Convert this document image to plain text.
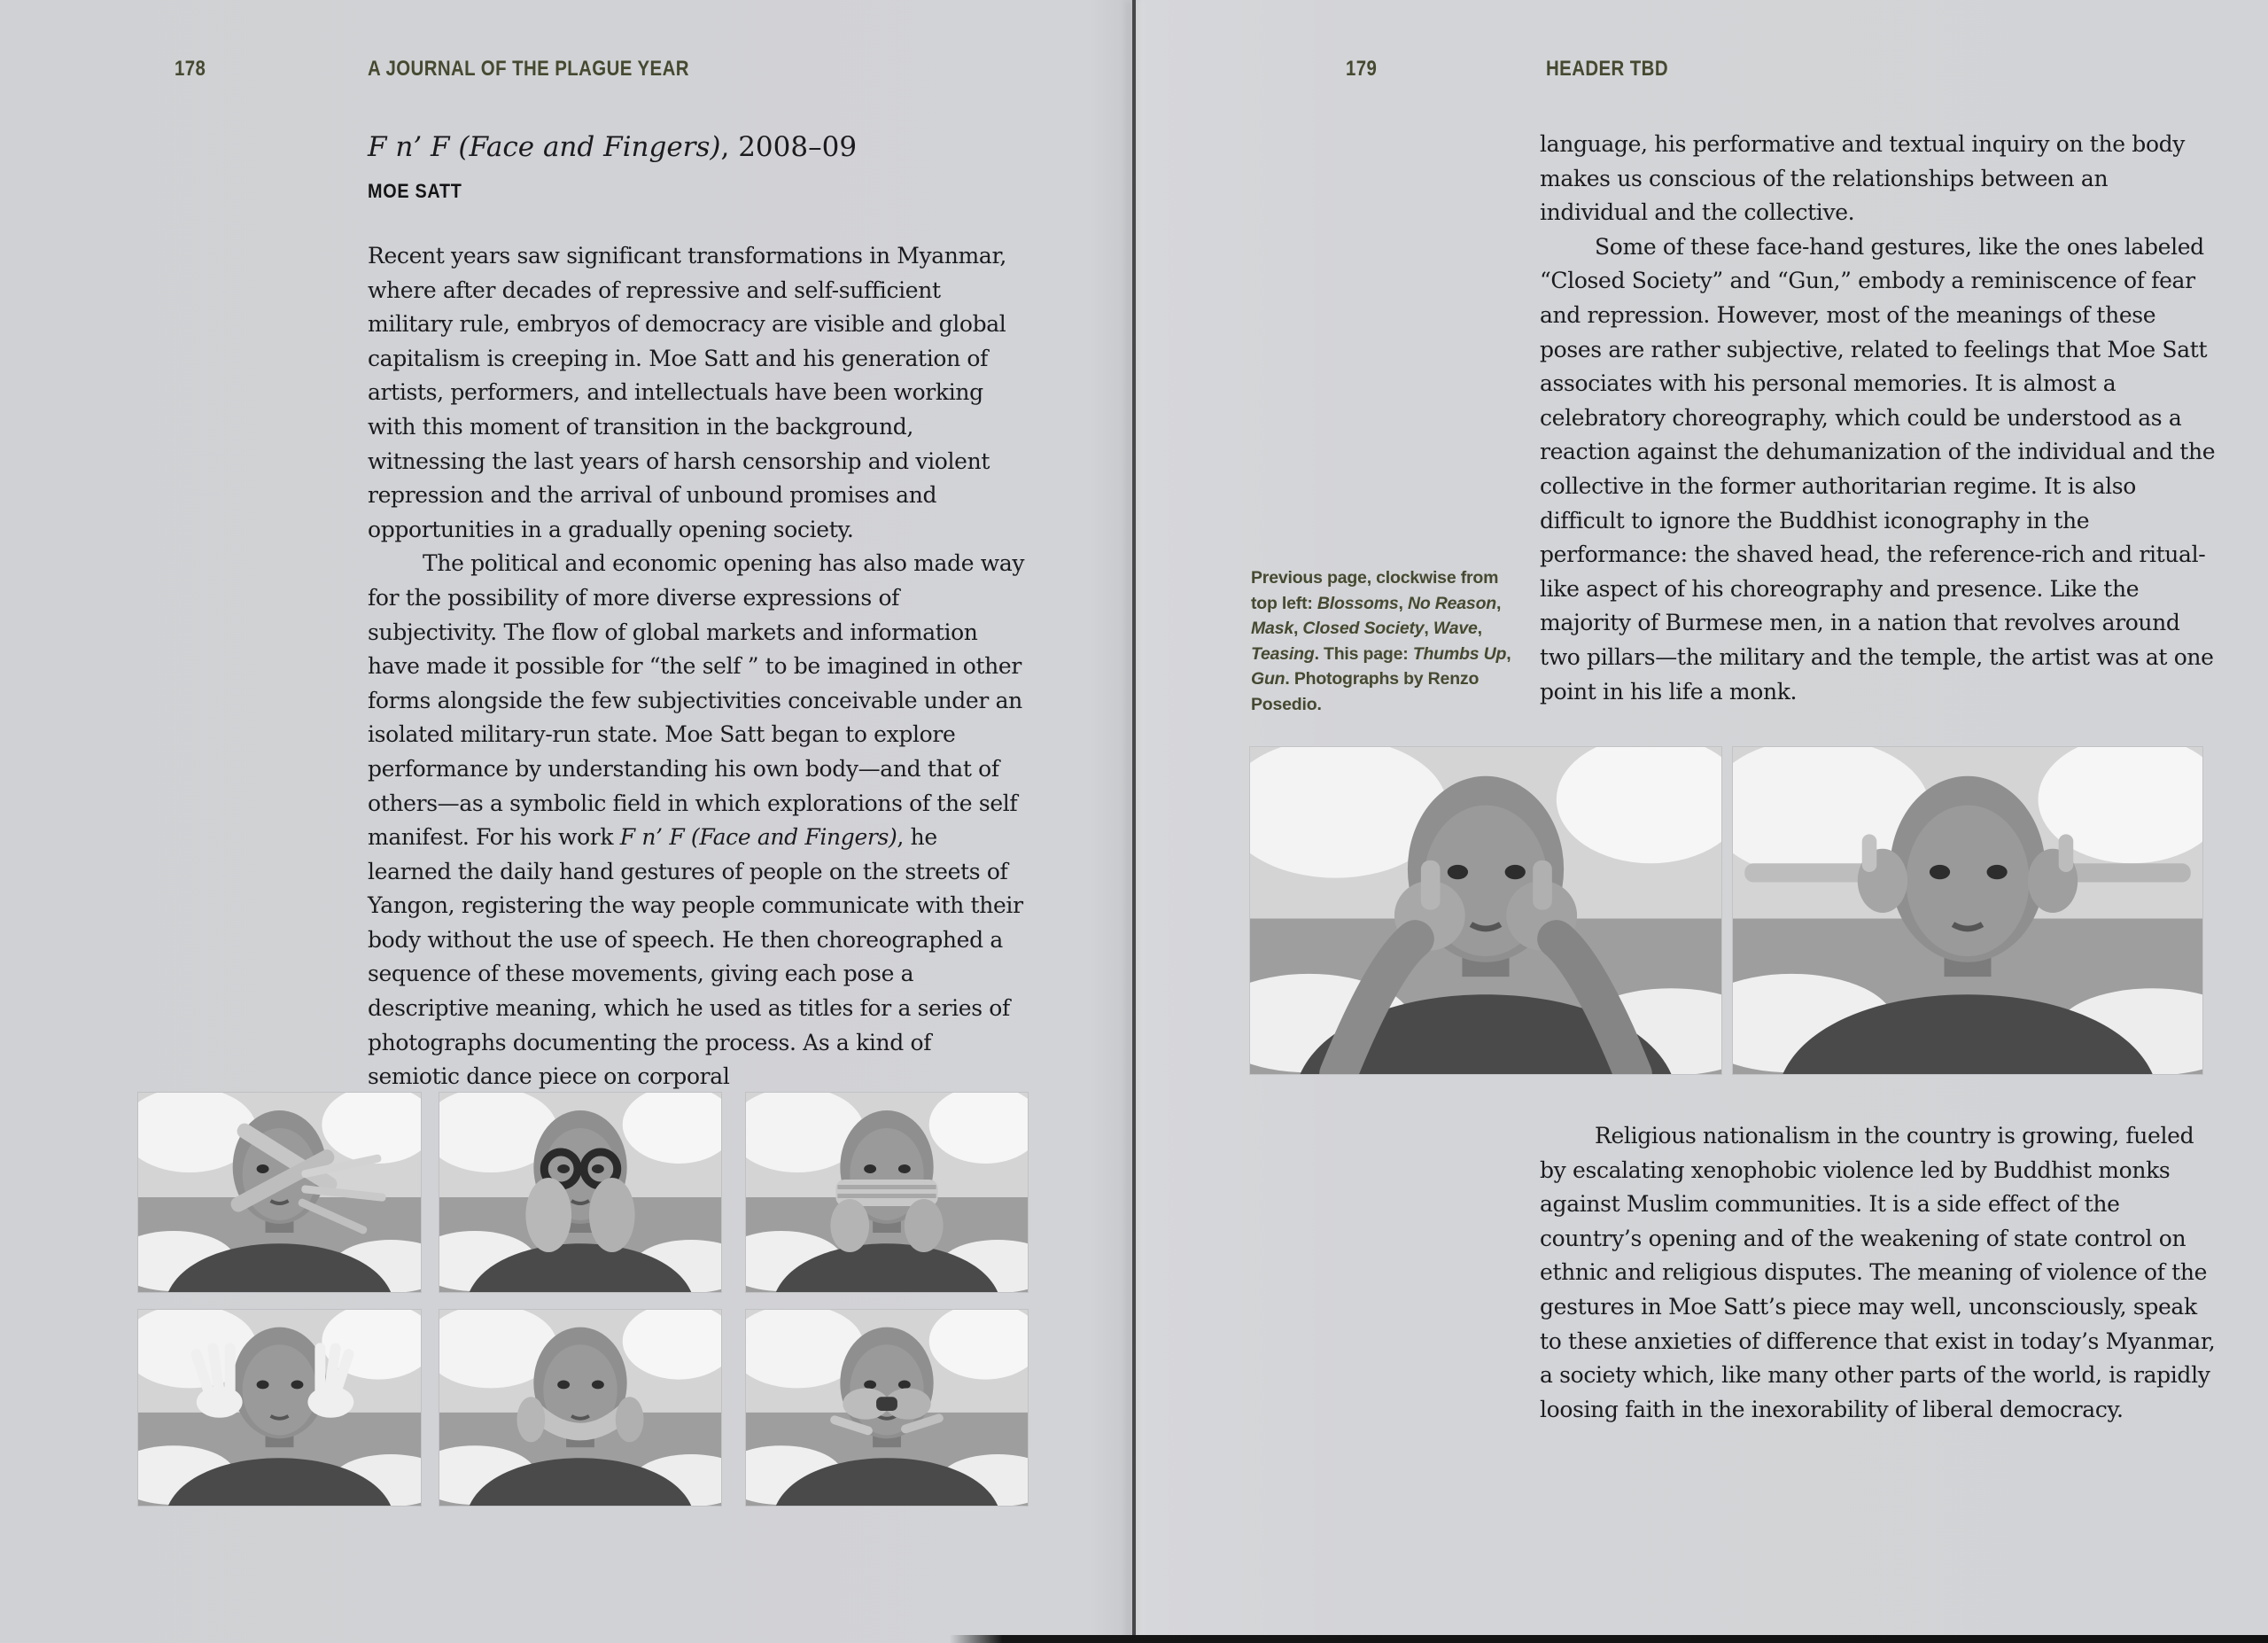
178	A JOURNAL OF THE PLAGUE YEAR
F n’ F (Face and Fingers), 2008–09
MOE SATT

Recent years saw significant transformations in Myanmar, where after decades of repressive and self-sufficient military rule, embryos of democracy are visible and global capitalism is creeping in. Moe Satt and his generation of artists, performers, and intellectuals have been working with this moment of transition in the background, witnessing the last years of harsh censorship and violent repression and the arrival of unbound promises and opportunities in a gradually opening society.

The political and economic opening has also made way for the possibility of more diverse expressions of subjectivity. The flow of global markets and information have made it possible for “the self ” to be imagined in other forms alongside the few subjectivities conceivable under an isolated military-run state. Moe Satt began to explore performance by understanding his own body—and that of others—as a symbolic field in which explorations of the self manifest. For his work F n’ F (Face and Fingers), he learned the daily hand gestures of people on the streets of Yangon, registering the way people communicate with their body without the use of speech. He then choreographed a sequence of these movements, giving each pose a descriptive meaning, which he used as titles for a series of photographs documenting the process. As a kind of semiotic dance piece on corporal

179	HEADER TBD

language, his performative and textual inquiry on the body makes us conscious of the relationships between an individual and the collective.

Some of these face-hand gestures, like the ones labeled “Closed Society” and “Gun,” embody a reminiscence of fear and repression. However, most of the meanings of these poses are rather subjective, related to feelings that Moe Satt associates with his personal memories. It is almost a celebratory choreography, which could be understood as a reaction against the dehumanization of the individual and the collective in the former authoritarian regime. It is also difficult to ignore the Buddhist iconography in the performance: the shaved head, the reference-rich and ritual-like aspect of his choreography and presence. Like the majority of Burmese men, in a nation that revolves around two pillars—the military and the temple, the artist was at one point in his life a monk.

Previous page, clockwise from top left: Blossoms, No Reason, Mask, Closed Society, Wave, Teasing. This page: Thumbs Up, Gun. Photographs by Renzo Posedio.

Religious nationalism in the country is growing, fueled by escalating xenophobic violence led by Buddhist monks against Muslim communities. It is a side effect of the country’s opening and of the weakening of state control on ethnic and religious disputes. The meaning of violence of the gestures in Moe Satt’s piece may well, unconsciously, speak to these anxieties of difference that exist in today’s Myanmar, a society which, like many other parts of the world, is rapidly loosing faith in the inexorability of liberal democracy.
